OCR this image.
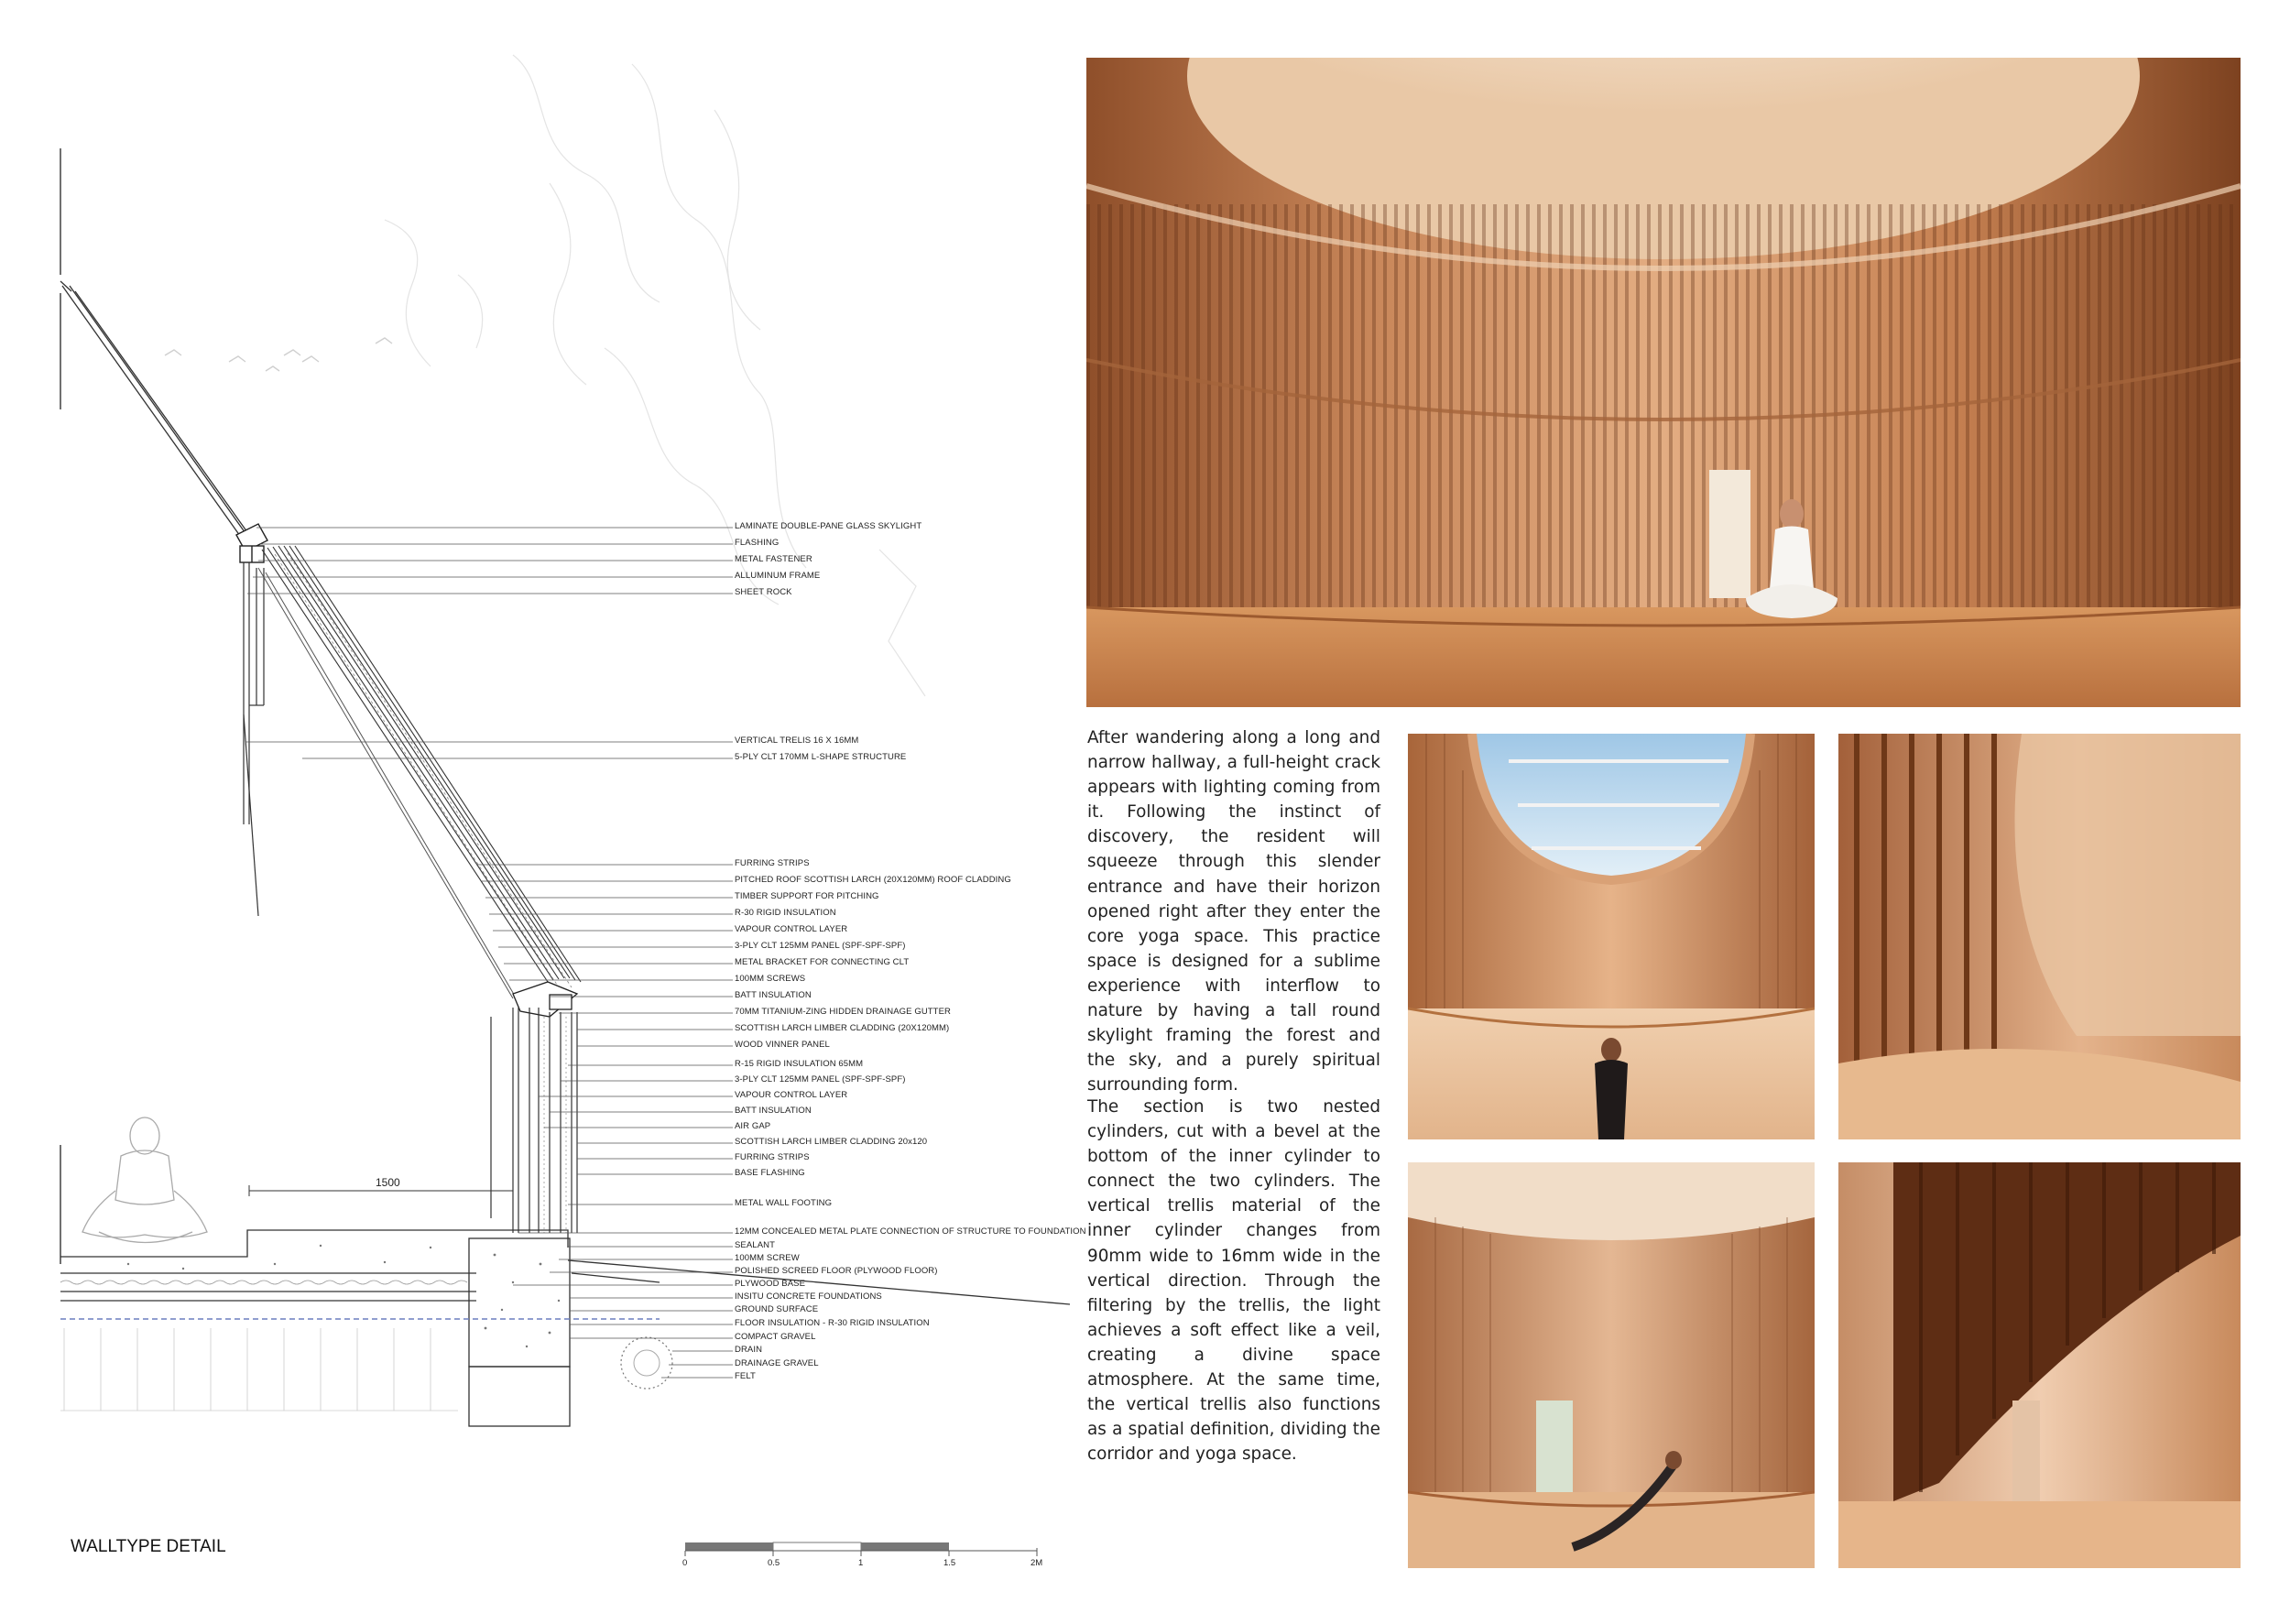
LAMINATE DOUBLE-PANE GLASS SKYLIGHT
FLASHING
METAL FASTENER
ALLUMINUM FRAME
SHEET ROCK
VERTICAL TRELIS 16 X 16MM
5-PLY CLT 170MM L-SHAPE STRUCTURE
FURRING STRIPS
PITCHED ROOF SCOTTISH LARCH (20X120MM) ROOF CLADDING
TIMBER SUPPORT FOR PITCHING
R-30 RIGID INSULATION
VAPOUR CONTROL LAYER
3-PLY CLT 125MM PANEL (SPF-SPF-SPF)
METAL BRACKET FOR CONNECTING CLT
100MM SCREWS
BATT INSULATION
70MM TITANIUM-ZING HIDDEN DRAINAGE GUTTER
SCOTTISH LARCH LIMBER CLADDING (20X120MM)
WOOD VINNER PANEL
R-15 RIGID INSULATION 65MM
3-PLY CLT 125MM PANEL (SPF-SPF-SPF)
VAPOUR CONTROL LAYER
BATT INSULATION
AIR GAP
SCOTTISH LARCH LIMBER CLADDING 20x120
FURRING STRIPS
BASE FLASHING
METAL WALL FOOTING
12MM CONCEALED METAL PLATE CONNECTION OF STRUCTURE TO FOUNDATION
SEALANT
100MM SCREW
POLISHED SCREED FLOOR (PLYWOOD FLOOR)
PLYWOOD BASE
INSITU CONCRETE FOUNDATIONS
GROUND SURFACE
FLOOR INSULATION - R-30 RIGID INSULATION
COMPACT GRAVEL
DRAIN
DRAINAGE GRAVEL
FELT
1500
WALLTYPE DETAIL
0	0.5	1	1.5	2M

After wandering along a long and narrow hallway, a full-height crack appears with lighting coming from it. Following the instinct of discovery, the resident will squeeze through this slender entrance and have their horizon opened right after they enter the core yoga space. This practice space is designed for a sublime experience with interflow to nature by having a tall round skylight framing the forest and the sky, and a purely spiritual surrounding form.

The section is two nested cylinders, cut with a bevel at the bottom of the inner cylinder to connect the two cylinders. The vertical trellis material of the inner cylinder changes from 90mm wide to 16mm wide in the vertical direction. Through the filtering by the trellis, the light achieves a soft effect like a veil, creating a divine space atmosphere. At the same time, the vertical trellis also functions as a spatial definition, dividing the corridor and yoga space.
